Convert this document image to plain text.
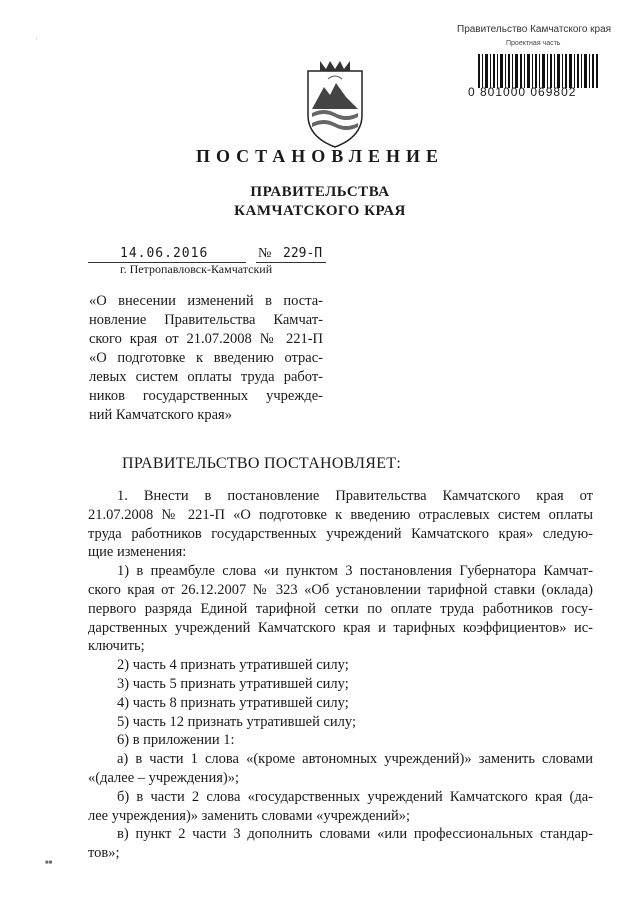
'
Правительство Камчатского края
Проектная часть
0 801000 069802
ПОСТАНОВЛЕНИЕ
ПРАВИТЕЛЬСТВА
КАМЧАТСКОГО КРАЯ
14.06.2016	№ 229-П
г. Петропавловск-Камчатский
«О внесении изменений в поста-
новление Правительства Камчат-
ского края от 21.07.2008 № 221-П
«О подготовке к введению отрас-
левых систем оплаты труда работ-
ников государственных учрежде-
ний Камчатского края»
ПРАВИТЕЛЬСТВО ПОСТАНОВЛЯЕТ:
1. Внести в постановление Правительства Камчатского края от
21.07.2008 № 221-П «О подготовке к введению отраслевых систем оплаты
труда работников государственных учреждений Камчатского края» следую-
щие изменения:
1) в преамбуле слова «и пунктом 3 постановления Губернатора Камчат-
ского края от 26.12.2007 № 323 «Об установлении тарифной ставки (оклада)
первого разряда Единой тарифной сетки по оплате труда работников госу-
дарственных учреждений Камчатского края и тарифных коэффициентов» ис-
ключить;
2) часть 4 признать утратившей силу;
3) часть 5 признать утратившей силу;
4) часть 8 признать утратившей силу;
5) часть 12 признать утратившей силу;
6) в приложении 1:
а) в части 1 слова «(кроме автономных учреждений)» заменить словами
«(далее – учреждения)»;
б) в части 2 слова «государственных учреждений Камчатского края (да-
лее учреждения)» заменить словами «учреждений»;
в) пункт 2 части 3 дополнить словами «или профессиональных стандар-
тов»;
■■
